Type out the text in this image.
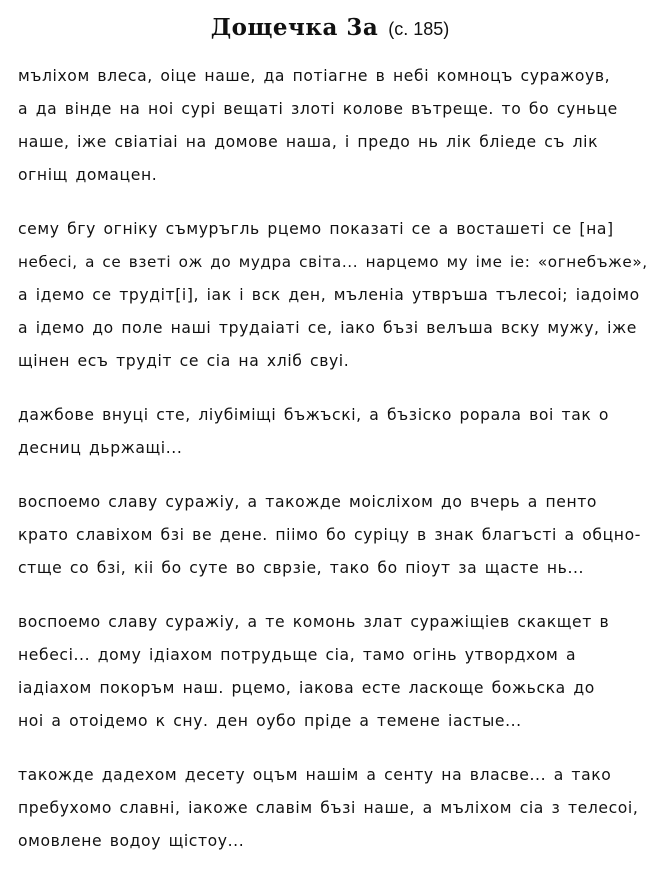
Дощечка 3а (с. 185)

мълiхом влеса, оiце наше, да потiагне в небi комноцъ суражоув,
а да вiнде на нoi сурi вещатi злотi колове вътреще. то бо суньце
наше, iже свiатiаi на домове наша, i предо нь лiк блiеде съ лiк
огнiщ домацен.

сему бгу огнiку съмуръгль рцемо показатi се а восташетi се [на]
небесi, а се взетi ож до мудра свiта... нарцемо му iме iе: «огнебъже»,
а iдемо се трудiт[i], iак i вск ден, мъленiа утвръша тълесоi; iадоiмо
а iдемо до поле нашi трудаiатi се, iако бъзi велъша вску мужу, iже
щiнен есъ трудiт се сiа на хлiб свуi.

дажбове внуцi сте, лiубiмiщi бъжъскi, а бъзiско рорала воi так о
десниц дьржащi...

воспоемо славу суражiу, а такожде моiслiхом до вчерь а пенто
крато славiхом бзi ве дене. пiiмо бо сурiцу в знак благъстi а обцно-
стще со бзi, кii бо суте во сврзiе, тако бо пiоут за щасте нь...

воспоемо славу суражiу, а те комонь злат суражiщiев скакщет в
небесi... дому iдiахом потрудьще сiа, тамо огiнь утвордхом а
iадiахом покоръм наш. рцемо, iакова есте ласкоще божьска до
нoi а отоiдемо к сну. ден оубо прiде а темене iастые...

такожде дадехом десету оцъм нашiм а сенту на власве... а тако
пребухомо славнi, iакоже славiм бъзi наше, а мълiхом сiа з телесоi,
омовлене водоу щiстоу...
